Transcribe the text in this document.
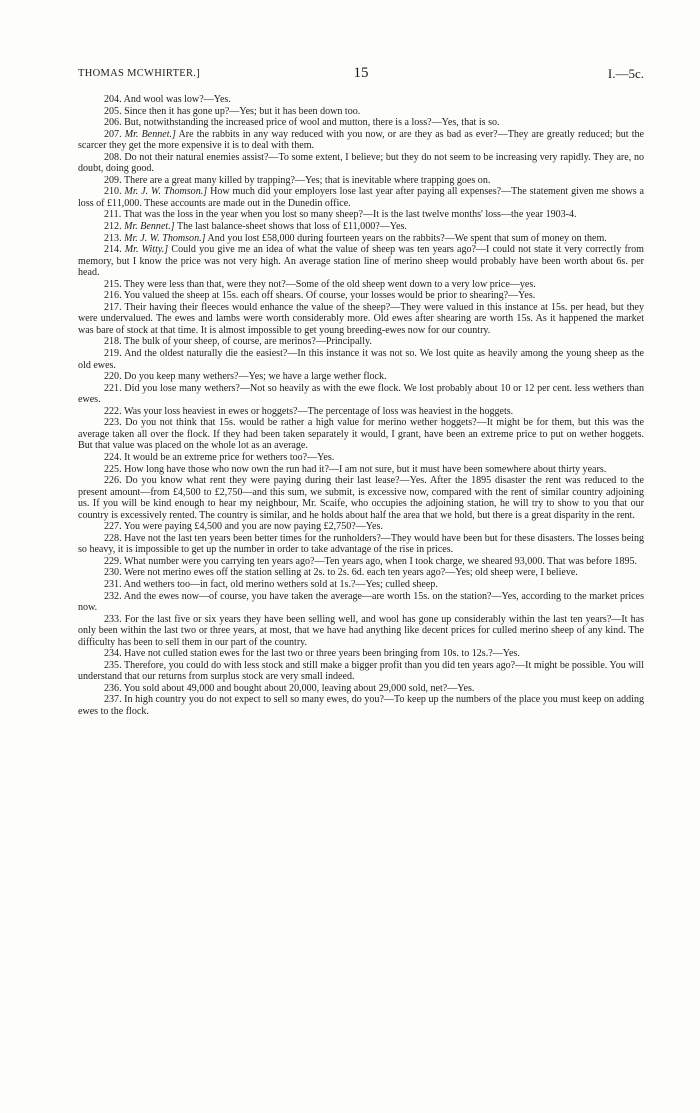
THOMAS MCWHIRTER.]	15	I.—5c.

204. And wool was low?—Yes.

205. Since then it has gone up?—Yes; but it has been down too.

206. But, notwithstanding the increased price of wool and mutton, there is a loss?—Yes, that is so.

207. Mr. Bennet.] Are the rabbits in any way reduced with you now, or are they as bad as ever?—They are greatly reduced; but the scarcer they get the more expensive it is to deal with them.

208. Do not their natural enemies assist?—To some extent, I believe; but they do not seem to be increasing very rapidly. They are, no doubt, doing good.

209. There are a great many killed by trapping?—Yes; that is inevitable where trapping goes on.

210. Mr. J. W. Thomson.] How much did your employers lose last year after paying all expenses?—The statement given me shows a loss of £11,000. These accounts are made out in the Dunedin office.

211. That was the loss in the year when you lost so many sheep?—It is the last twelve months' loss—the year 1903-4.

212. Mr. Bennet.] The last balance-sheet shows that loss of £11,000?—Yes.

213. Mr. J. W. Thomson.] And you lost £58,000 during fourteen years on the rabbits?—We spent that sum of money on them.

214. Mr. Witty.] Could you give me an idea of what the value of sheep was ten years ago?—I could not state it very correctly from memory, but I know the price was not very high. An average station line of merino sheep would probably have been worth about 6s. per head.

215. They were less than that, were they not?—Some of the old sheep went down to a very low price—yes.

216. You valued the sheep at 15s. each off shears. Of course, your losses would be prior to shearing?—Yes.

217. Their having their fleeces would enhance the value of the sheep?—They were valued in this instance at 15s. per head, but they were undervalued. The ewes and lambs were worth considerably more. Old ewes after shearing are worth 15s. As it happened the market was bare of stock at that time. It is almost impossible to get young breeding-ewes now for our country.

218. The bulk of your sheep, of course, are merinos?—Principally.

219. And the oldest naturally die the easiest?—In this instance it was not so. We lost quite as heavily among the young sheep as the old ewes.

220. Do you keep many wethers?—Yes; we have a large wether flock.

221. Did you lose many wethers?—Not so heavily as with the ewe flock. We lost probably about 10 or 12 per cent. less wethers than ewes.

222. Was your loss heaviest in ewes or hoggets?—The percentage of loss was heaviest in the hoggets.

223. Do you not think that 15s. would be rather a high value for merino wether hoggets?—It might be for them, but this was the average taken all over the flock. If they had been taken separately it would, I grant, have been an extreme price to put on wether hoggets. But that value was placed on the whole lot as an average.

224. It would be an extreme price for wethers too?—Yes.

225. How long have those who now own the run had it?—I am not sure, but it must have been somewhere about thirty years.

226. Do you know what rent they were paying during their last lease?—Yes. After the 1895 disaster the rent was reduced to the present amount—from £4,500 to £2,750—and this sum, we submit, is excessive now, compared with the rent of similar country adjoining us. If you will be kind enough to hear my neighbour, Mr. Scaife, who occupies the adjoining station, he will try to show to you that our country is excessively rented. The country is similar, and he holds about half the area that we hold, but there is a great disparity in the rent.

227. You were paying £4,500 and you are now paying £2,750?—Yes.

228. Have not the last ten years been better times for the runholders?—They would have been but for these disasters. The losses being so heavy, it is impossible to get up the number in order to take advantage of the rise in prices.

229. What number were you carrying ten years ago?—Ten years ago, when I took charge, we sheared 93,000. That was before 1895.

230. Were not merino ewes off the station selling at 2s. to 2s. 6d. each ten years ago?—Yes; old sheep were, I believe.

231. And wethers too—in fact, old merino wethers sold at 1s.?—Yes; culled sheep.

232. And the ewes now—of course, you have taken the average—are worth 15s. on the station?—Yes, according to the market prices now.

233. For the last five or six years they have been selling well, and wool has gone up considerably within the last ten years?—It has only been within the last two or three years, at most, that we have had anything like decent prices for culled merino sheep of any kind. The difficulty has been to sell them in our part of the country.

234. Have not culled station ewes for the last two or three years been bringing from 10s. to 12s.?—Yes.

235. Therefore, you could do with less stock and still make a bigger profit than you did ten years ago?—It might be possible. You will understand that our returns from surplus stock are very small indeed.

236. You sold about 49,000 and bought about 20,000, leaving about 29,000 sold, net?—Yes.

237. In high country you do not expect to sell so many ewes, do you?—To keep up the numbers of the place you must keep on adding ewes to the flock.
